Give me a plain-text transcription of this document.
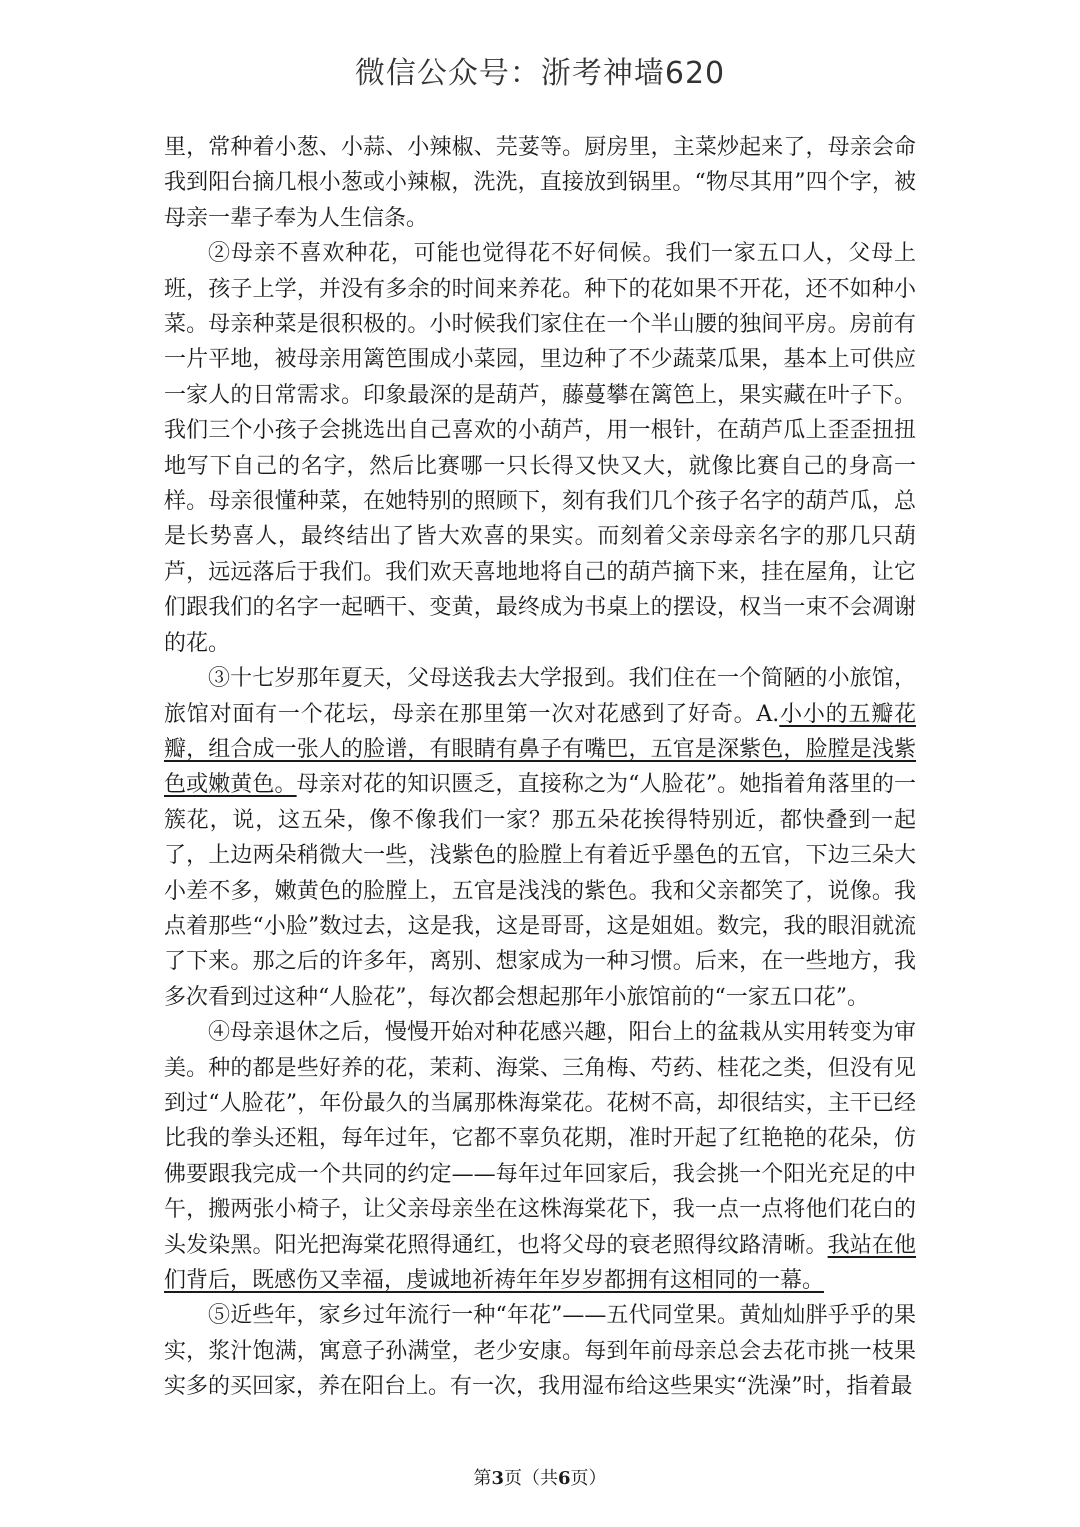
微信公众号：浙考神墙620

里，常种着小葱、小蒜、小辣椒、芫荽等。厨房里，主菜炒起来了，母亲会命我到阳台摘几根小葱或小辣椒，洗洗，直接放到锅里。“物尽其用”四个字，被母亲一辈子奉为人生信条。

②母亲不喜欢种花，可能也觉得花不好伺候。我们一家五口人，父母上班，孩子上学，并没有多余的时间来养花。种下的花如果不开花，还不如种小菜。母亲种菜是很积极的。小时候我们家住在一个半山腰的独间平房。房前有一片平地，被母亲用篱笆围成小菜园，里边种了不少蔬菜瓜果，基本上可供应一家人的日常需求。印象最深的是葫芦，藤蔓攀在篱笆上，果实藏在叶子下。我们三个小孩子会挑选出自己喜欢的小葫芦，用一根针，在葫芦瓜上歪歪扭扭地写下自己的名字，然后比赛哪一只长得又快又大，就像比赛自己的身高一样。母亲很懂种菜，在她特别的照顾下，刻有我们几个孩子名字的葫芦瓜，总是长势喜人，最终结出了皆大欢喜的果实。而刻着父亲母亲名字的那几只葫芦，远远落后于我们。我们欢天喜地地将自己的葫芦摘下来，挂在屋角，让它们跟我们的名字一起晒干、变黄，最终成为书桌上的摆设，权当一束不会凋谢的花。

③十七岁那年夏天，父母送我去大学报到。我们住在一个简陋的小旅馆，旅馆对面有一个花坛，母亲在那里第一次对花感到了好奇。A.小小的五瓣花瓣，组合成一张人的脸谱，有眼睛有鼻子有嘴巴，五官是深紫色，脸膛是浅紫色或嫩黄色。母亲对花的知识匮乏，直接称之为“人脸花”。她指着角落里的一簇花，说，这五朵，像不像我们一家？那五朵花挨得特别近，都快叠到一起了，上边两朵稍微大一些，浅紫色的脸膛上有着近乎墨色的五官，下边三朵大小差不多，嫩黄色的脸膛上，五官是浅浅的紫色。我和父亲都笑了，说像。我点着那些“小脸”数过去，这是我，这是哥哥，这是姐姐。数完，我的眼泪就流了下来。那之后的许多年，离别、想家成为一种习惯。后来，在一些地方，我多次看到过这种“人脸花”，每次都会想起那年小旅馆前的“一家五口花”。

④母亲退休之后，慢慢开始对种花感兴趣，阳台上的盆栽从实用转变为审美。种的都是些好养的花，茉莉、海棠、三角梅、芍药、桂花之类，但没有见到过“人脸花”，年份最久的当属那株海棠花。花树不高，却很结实，主干已经比我的拳头还粗，每年过年，它都不辜负花期，准时开起了红艳艳的花朵，仿佛要跟我完成一个共同的约定——每年过年回家后，我会挑一个阳光充足的中午，搬两张小椅子，让父亲母亲坐在这株海棠花下，我一点一点将他们花白的头发染黑。阳光把海棠花照得通红，也将父母的衰老照得纹路清晰。我站在他们背后，既感伤又幸福，虔诚地祈祷年年岁岁都拥有这相同的一幕。

⑤近些年，家乡过年流行一种“年花”——五代同堂果。黄灿灿胖乎乎的果实，浆汁饱满，寓意子孙满堂，老少安康。每到年前母亲总会去花市挑一枝果实多的买回家，养在阳台上。有一次，我用湿布给这些果实“洗澡”时，指着最

第3页（共6页）
